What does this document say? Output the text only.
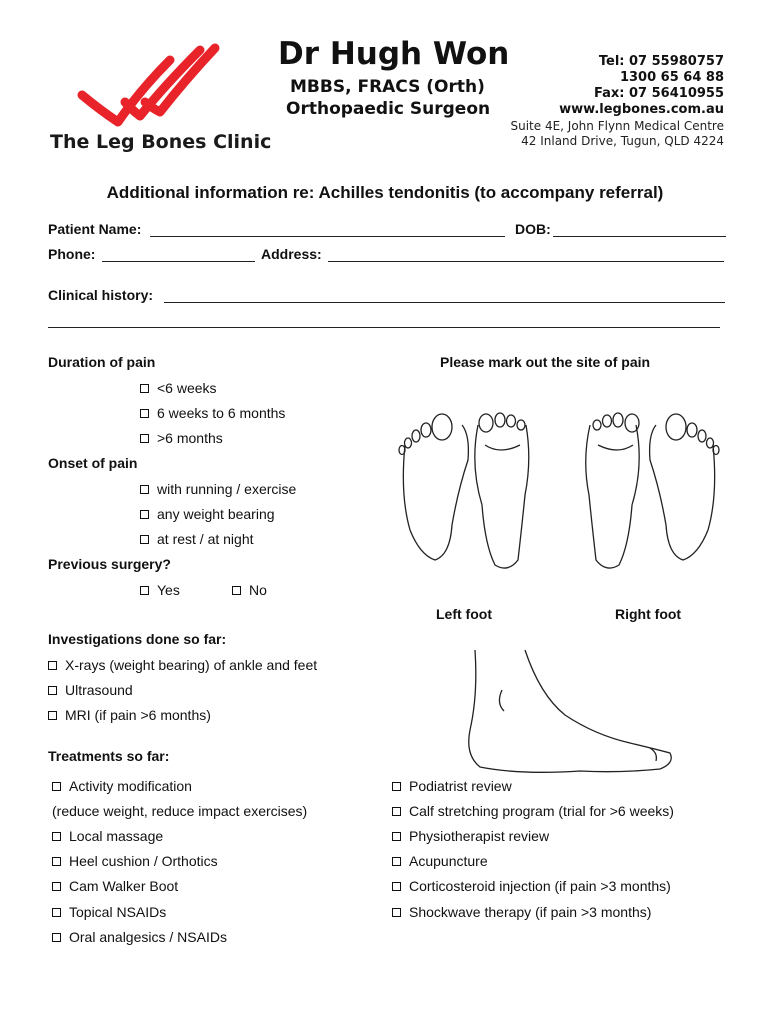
The Leg Bones Clinic
Dr Hugh Won
MBBS, FRACS (Orth)
Orthopaedic Surgeon
Tel: 07 55980757
1300 65 64 88
Fax: 07 56410955
www.legbones.com.au
Suite 4E, John Flynn Medical Centre
42 Inland Drive, Tugun, QLD 4224
Additional information re: Achilles tendonitis (to accompany referral)
Patient Name:	DOB:
Phone:	Address:
Clinical history:
Duration of pain
<6 weeks
6 weeks to 6 months
>6 months
Onset of pain
with running / exercise
any weight bearing
at rest / at night
Previous surgery?
Yes	No
Please mark out the site of pain
Left foot	Right foot
Investigations done so far:
X-rays (weight bearing) of ankle and feet
Ultrasound
MRI (if pain >6 months)
Treatments so far:
Activity modification
(reduce weight, reduce impact exercises)
Local massage
Heel cushion / Orthotics
Cam Walker Boot
Topical NSAIDs
Oral analgesics / NSAIDs
Podiatrist review
Calf stretching program (trial for >6 weeks)
Physiotherapist review
Acupuncture
Corticosteroid injection (if pain >3 months)
Shockwave therapy (if pain >3 months)
